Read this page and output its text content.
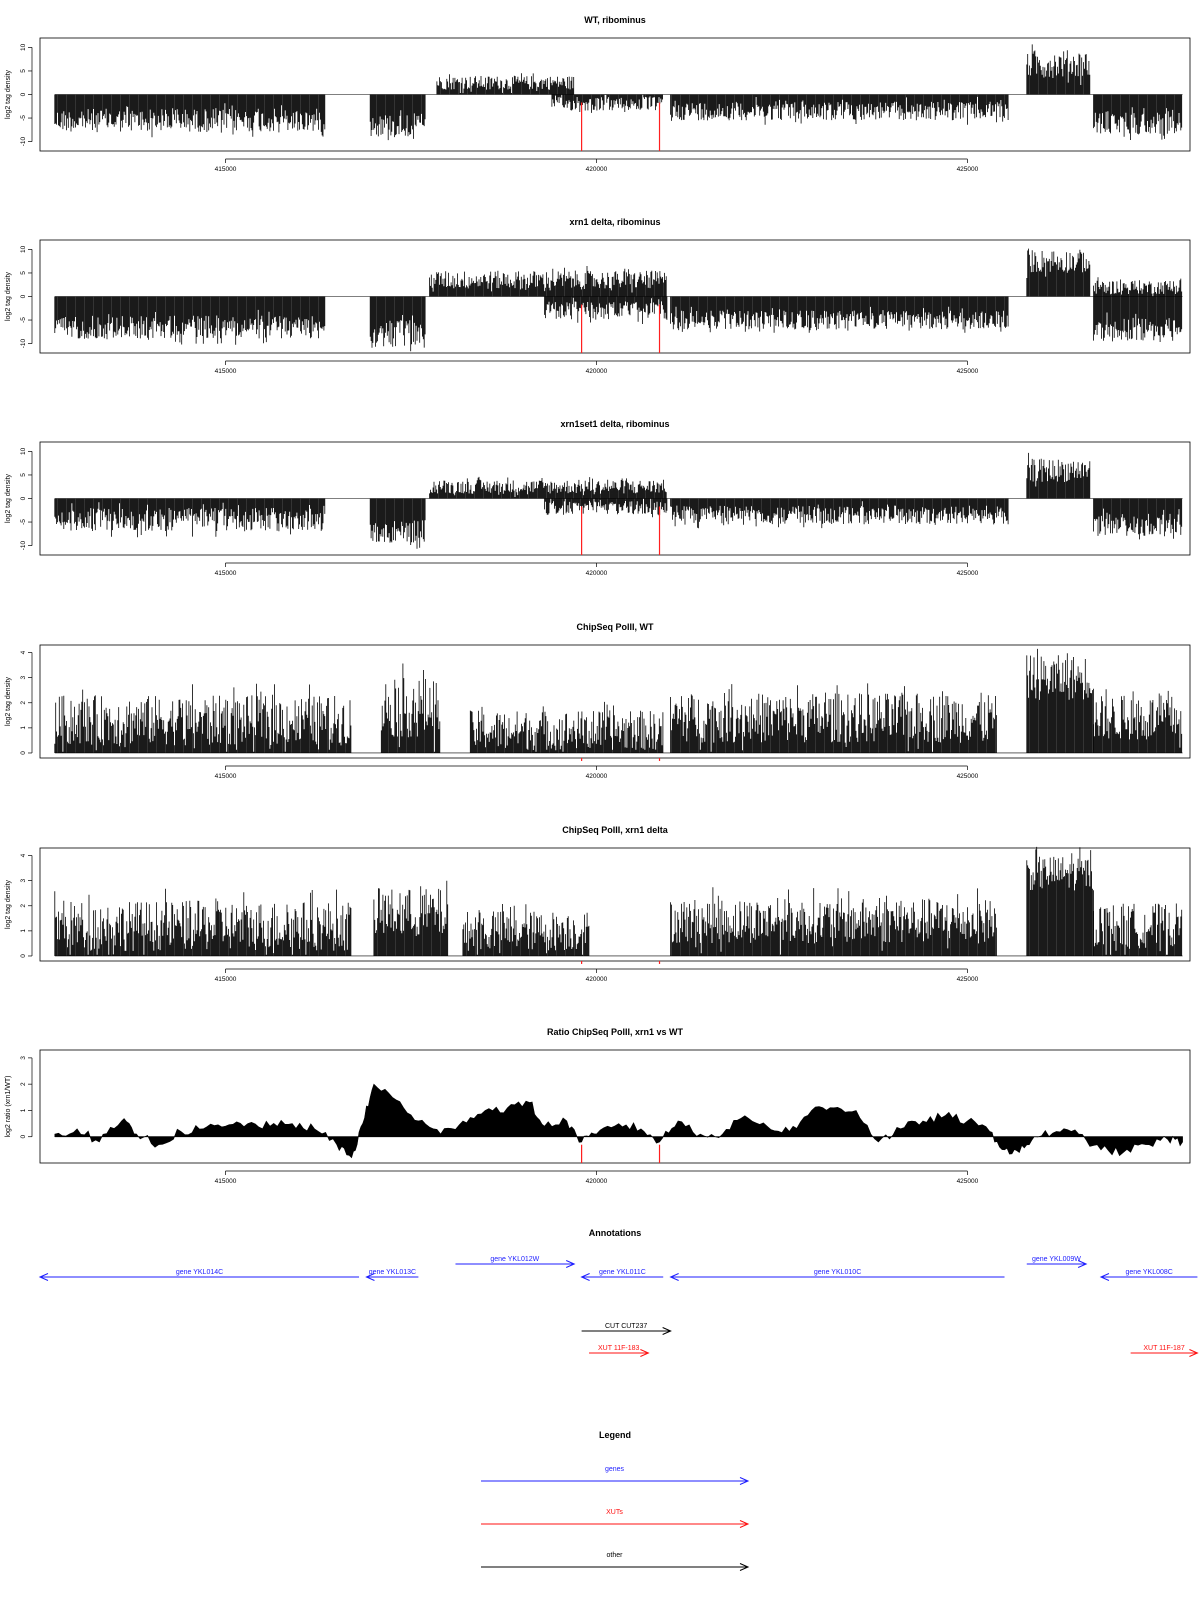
WT, ribominus
-10
-5
0
5
10
log2 tag density
415000	420000	425000
xrn1 delta, ribominus
-10
-5
0
5
10
log2 tag density
415000	420000	425000
xrn1set1 delta, ribominus
-10
-5
0
5
10
log2 tag density
415000	420000	425000
ChipSeq PolII, WT
0
1
2
3
4
log2 tag density
415000	420000	425000
ChipSeq PolII, xrn1 delta
0
1
2
3
4
log2 tag density
415000	420000	425000
Ratio ChipSeq PolII, xrn1 vs WT
0
1
2
3
log2 ratio (xrn1/WT)
415000	420000	425000
Annotations
gene YKL014C	gene YKL013C
gene YKL012W
gene YKL011C	gene YKL010C
gene YKL009W
gene YKL008C
CUT CUT237
XUT 11F-183	XUT 11F-187
Legend
genes
XUTs
other
